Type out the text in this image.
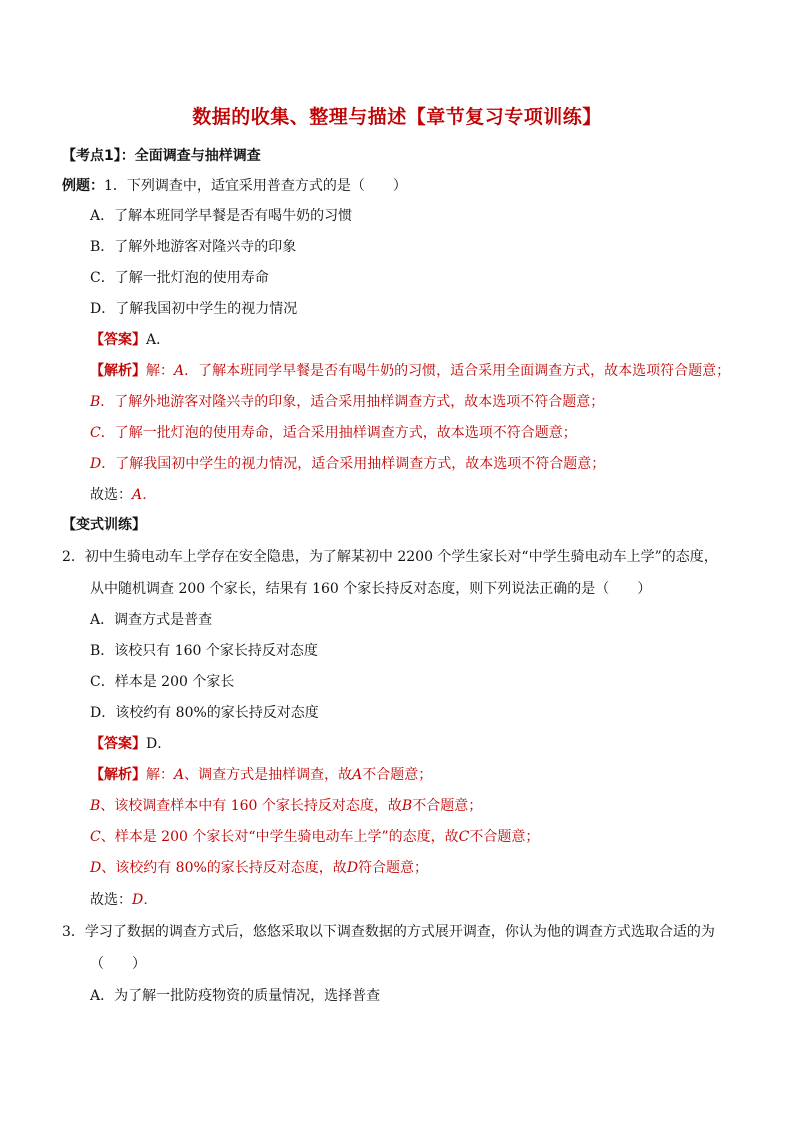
数据的收集、整理与描述【章节复习专项训练】
【考点1】：全面调查与抽样调查
例题：1．下列调查中，适宜采用普查方式的是（　　）
A．了解本班同学早餐是否有喝牛奶的习惯
B．了解外地游客对隆兴寺的印象
C．了解一批灯泡的使用寿命
D．了解我国初中学生的视力情况
【答案】A．
【解析】解：A．了解本班同学早餐是否有喝牛奶的习惯，适合采用全面调查方式，故本选项符合题意；
B．了解外地游客对隆兴寺的印象，适合采用抽样调查方式，故本选项不符合题意；
C．了解一批灯泡的使用寿命，适合采用抽样调查方式，故本选项不符合题意；
D．了解我国初中学生的视力情况，适合采用抽样调查方式，故本选项不符合题意；
故选：A．
【变式训练】
2．初中生骑电动车上学存在安全隐患，为了解某初中 2200 个学生家长对“中学生骑电动车上学”的态度，
从中随机调查 200 个家长，结果有 160 个家长持反对态度，则下列说法正确的是（　　）
A．调查方式是普查
B．该校只有 160 个家长持反对态度
C．样本是 200 个家长
D．该校约有 80%的家长持反对态度
【答案】D．
【解析】解：A、调查方式是抽样调查，故A不合题意；
B、该校调查样本中有 160 个家长持反对态度，故B不合题意；
C、样本是 200 个家长对“中学生骑电动车上学”的态度，故C不合题意；
D、该校约有 80%的家长持反对态度，故D符合题意；
故选：D．
3．学习了数据的调查方式后，悠悠采取以下调查数据的方式展开调查，你认为他的调查方式选取合适的为
（　　）
A．为了解一批防疫物资的质量情况，选择普查
